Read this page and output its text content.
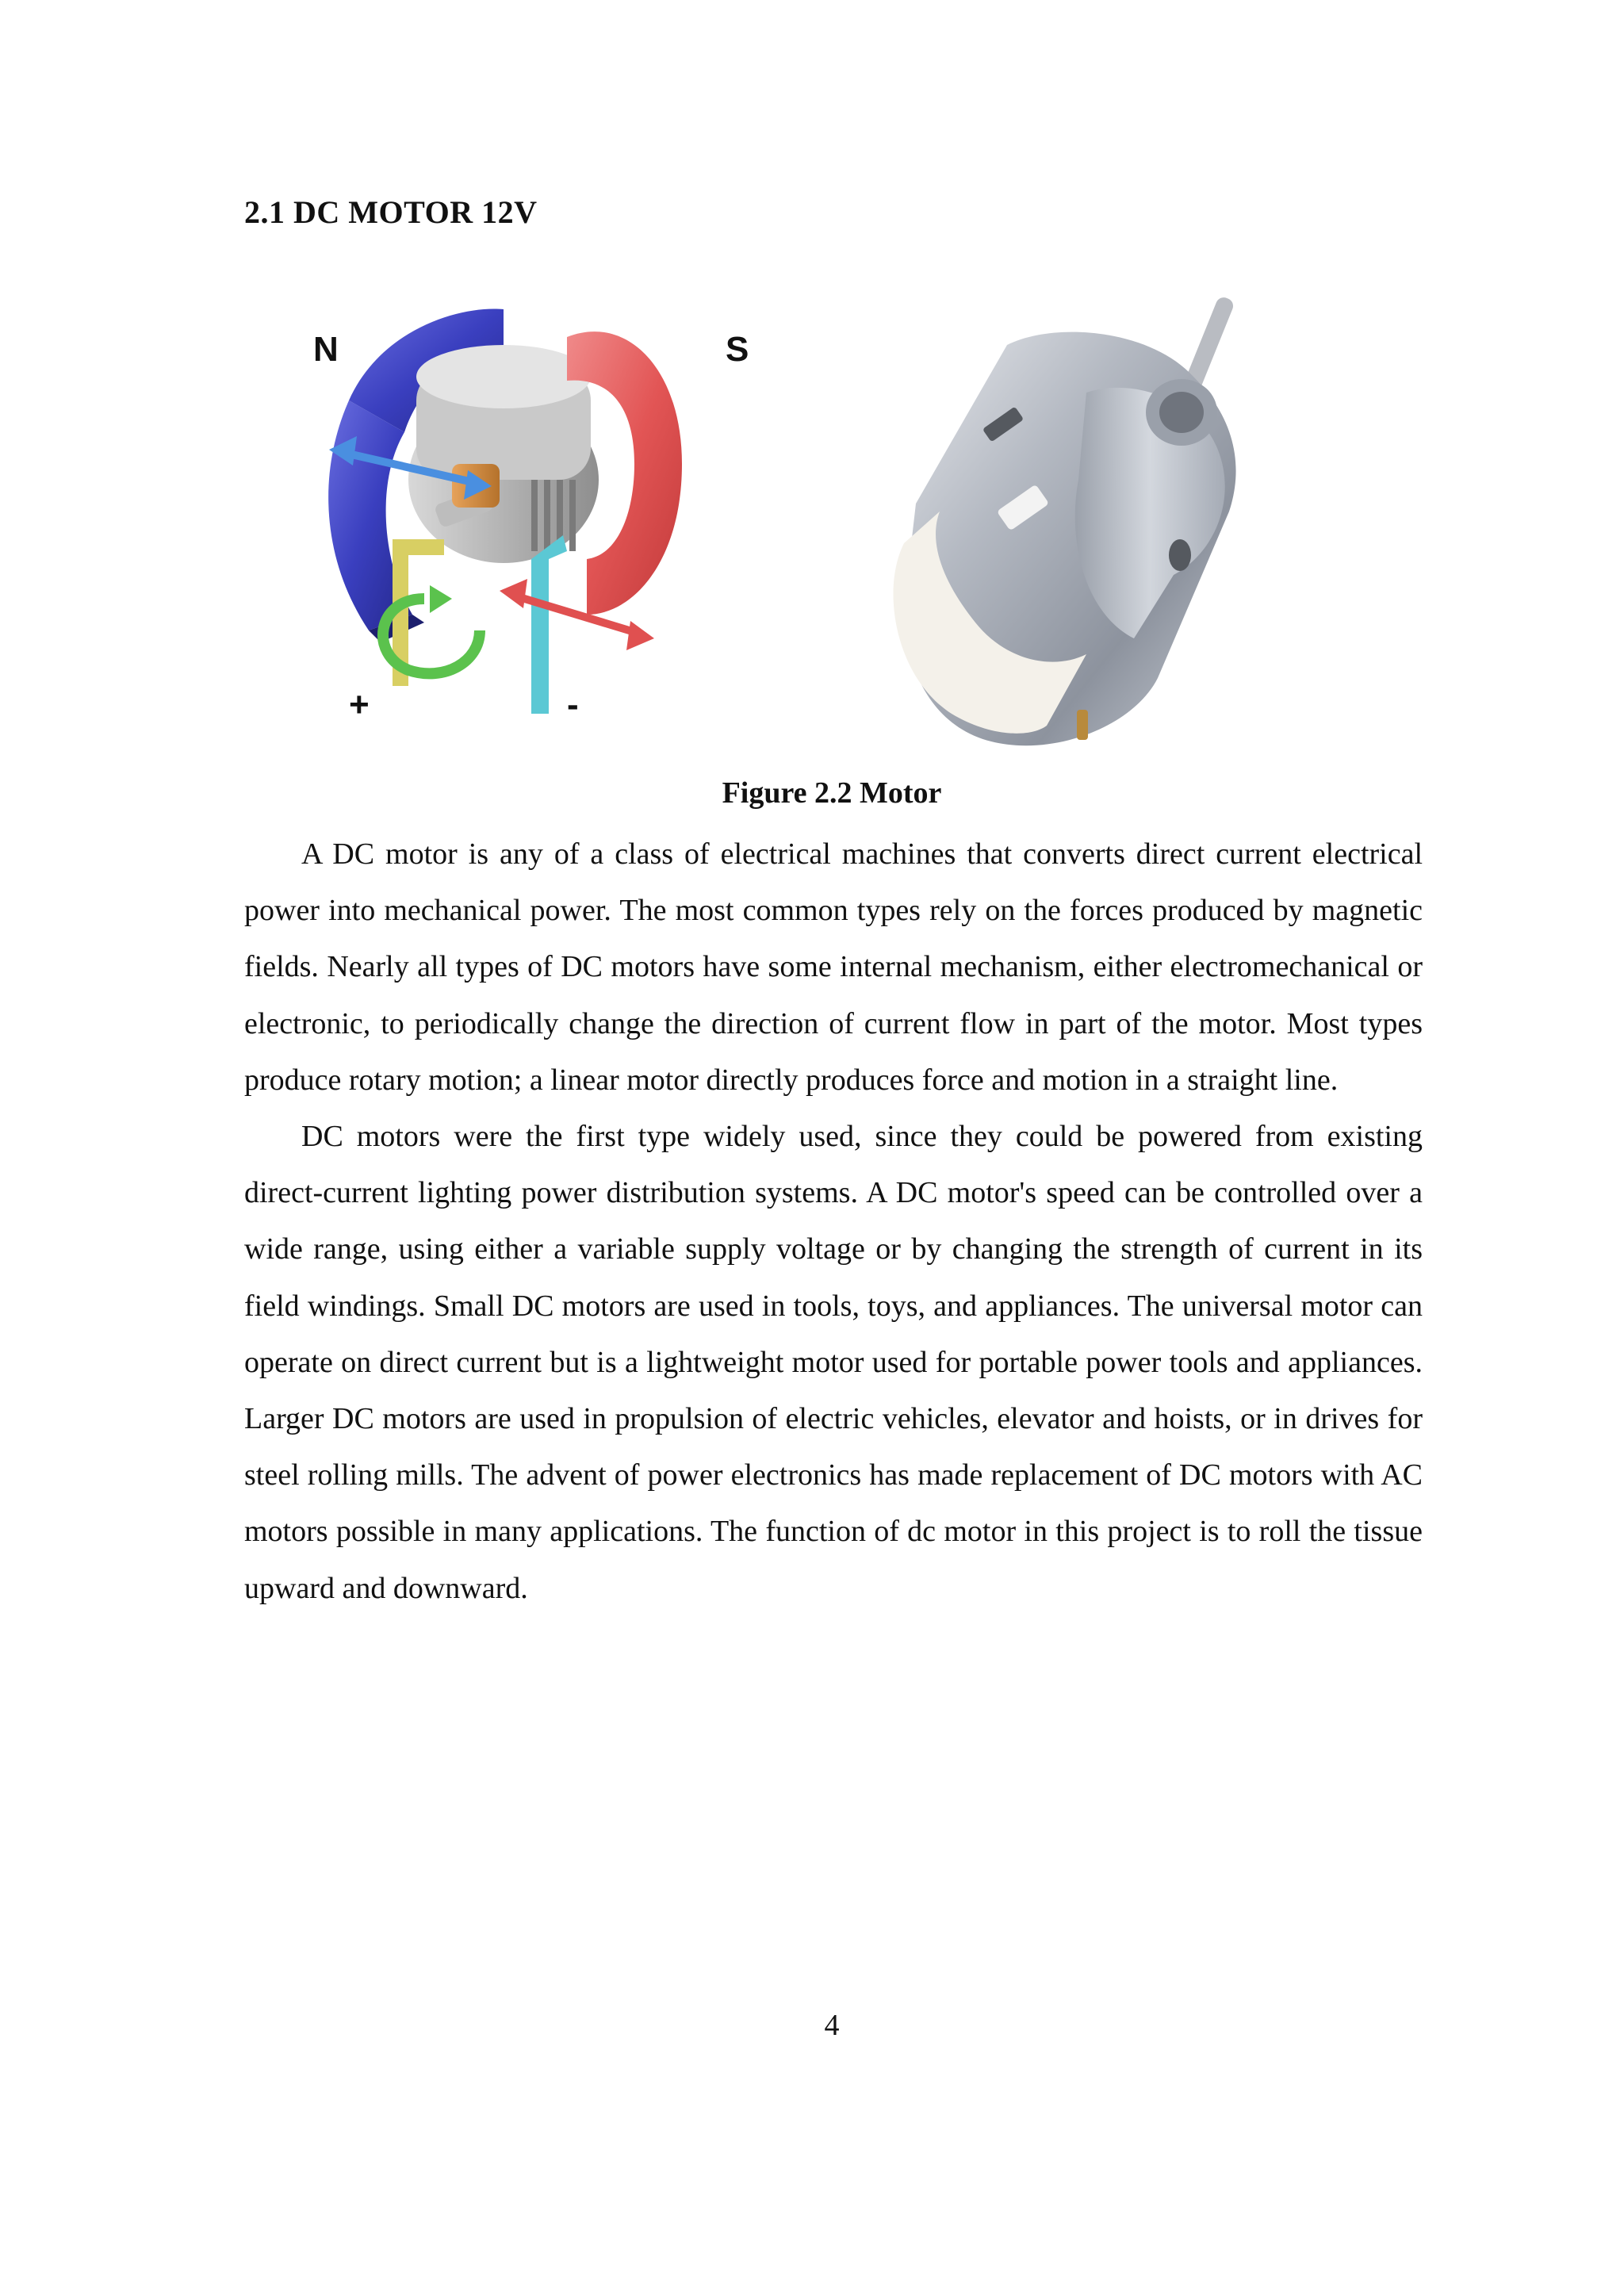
2.1 DC MOTOR 12V
N	S
+	-

Figure 2.2 Motor

A DC motor is any of a class of electrical machines that converts direct current electrical power into mechanical power. The most common types rely on the forces produced by magnetic fields. Nearly all types of DC motors have some internal mechanism, either electromechanical or electronic, to periodically change the direction of current flow in part of the motor. Most types produce rotary motion; a linear motor directly produces force and motion in a straight line.

DC motors were the first type widely used, since they could be powered from existing direct-current lighting power distribution systems. A DC motor's speed can be controlled over a wide range, using either a variable supply voltage or by changing the strength of current in its field windings. Small DC motors are used in tools, toys, and appliances. The universal motor can operate on direct current but is a lightweight motor used for portable power tools and appliances. Larger DC motors are used in propulsion of electric vehicles, elevator and hoists, or in drives for steel rolling mills. The advent of power electronics has made replacement of DC motors with AC motors possible in many applications. The function of dc motor in this project is to roll the tissue upward and downward.

4
